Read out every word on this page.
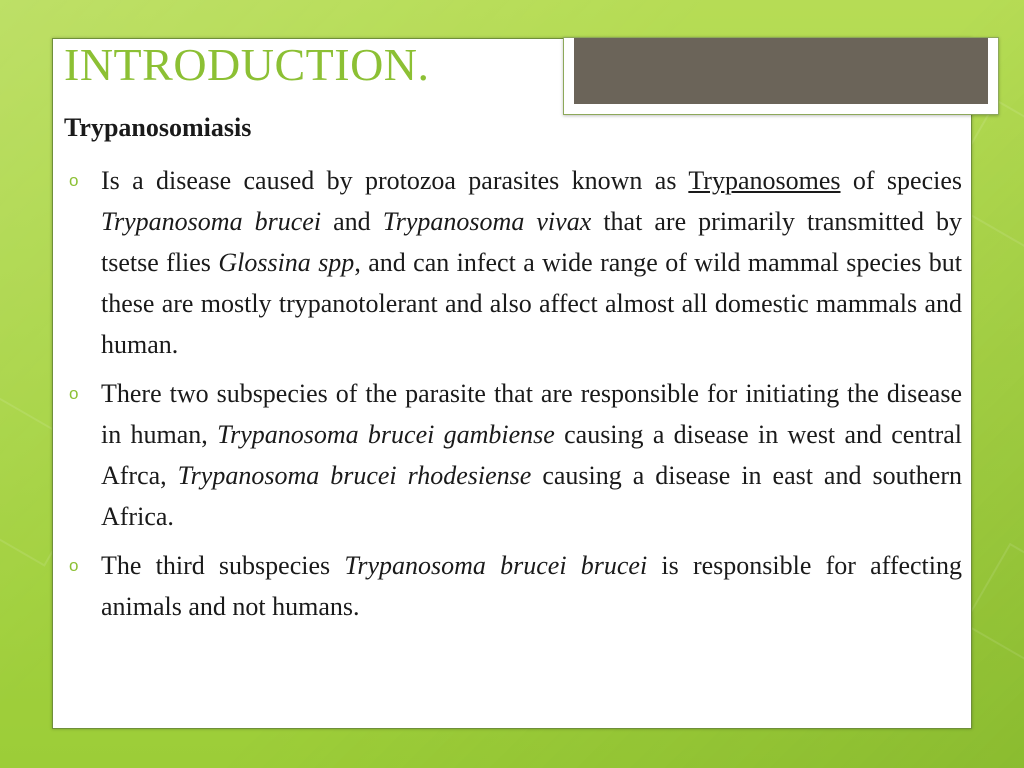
INTRODUCTION.
Trypanosomiasis
o Is a disease caused by protozoa parasites known as Trypanosomes of species Trypanosoma brucei and Trypanosoma vivax that are primarily transmitted by tsetse flies Glossina spp, and can infect a wide range of wild mammal species but these are mostly trypanotolerant and also affect almost all domestic mammals and human.
o There two subspecies of the parasite that are responsible for initiating the disease in human, Trypanosoma brucei gambiense causing a disease in west and central Afrca, Trypanosoma brucei rhodesiense causing a disease in east and southern Africa.
o The third subspecies Trypanosoma brucei brucei is responsible for affecting animals and not humans.
